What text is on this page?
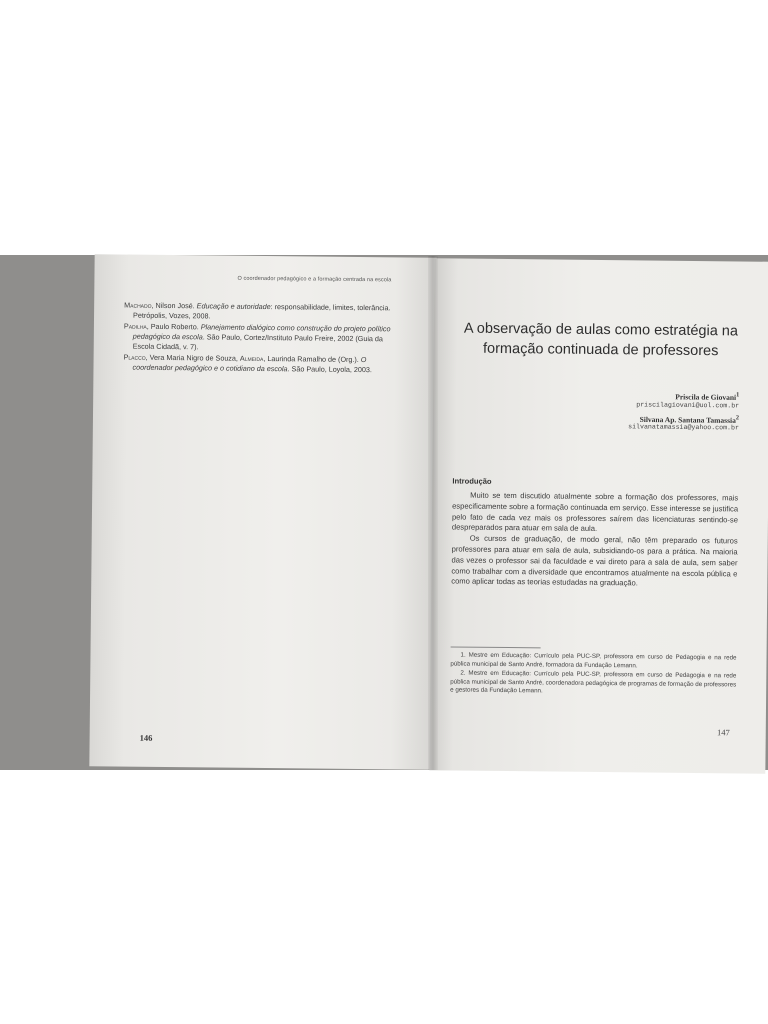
O coordenador pedagógico e a formação centrada na escola

Machado, Nilson José. Educação e autoridade: responsabilidade, limites, tolerância. Petrópolis, Vozes, 2008.

Padilha, Paulo Roberto. Planejamento dialógico como construção do projeto político pedagógico da escola. São Paulo, Cortez/Instituto Paulo Freire, 2002 (Guia da Escola Cidadã, v. 7).

Placco, Vera Maria Nigro de Souza, Almeida, Laurinda Ramalho de (Org.). O coordenador pedagógico e o cotidiano da escola. São Paulo, Loyola, 2003.

146
A observação de aulas como estratégia na formação continuada de professores

Priscila de Giovani$^1$

priscilagiovani@uol.com.br

Silvana Ap. Santana Tamassia$^2$

silvanatamassia@yahoo.com.br

Introdução

Muito se tem discutido atualmente sobre a formação dos professores, mais especificamente sobre a formação continuada em serviço. Esse interesse se justifica pelo fato de cada vez mais os professores saírem das licenciaturas sentindo-se despreparados para atuar em sala de aula.

Os cursos de graduação, de modo geral, não têm preparado os futuros professores para atuar em sala de aula, subsidiando-os para a prática. Na maioria das vezes o professor sai da faculdade e vai direto para a sala de aula, sem saber como trabalhar com a diversidade que encontramos atualmente na escola pública e como aplicar todas as teorias estudadas na graduação.

1. Mestre em Educação: Currículo pela PUC-SP, professora em curso de Pedagogia e na rede pública municipal de Santo André, formadora da Fundação Lemann.

2. Mestre em Educação: Currículo pela PUC-SP, professora em curso de Pedagogia e na rede pública municipal de Santo André, coordenadora pedagógica de programas de formação de professores e gestores da Fundação Lemann.

147
